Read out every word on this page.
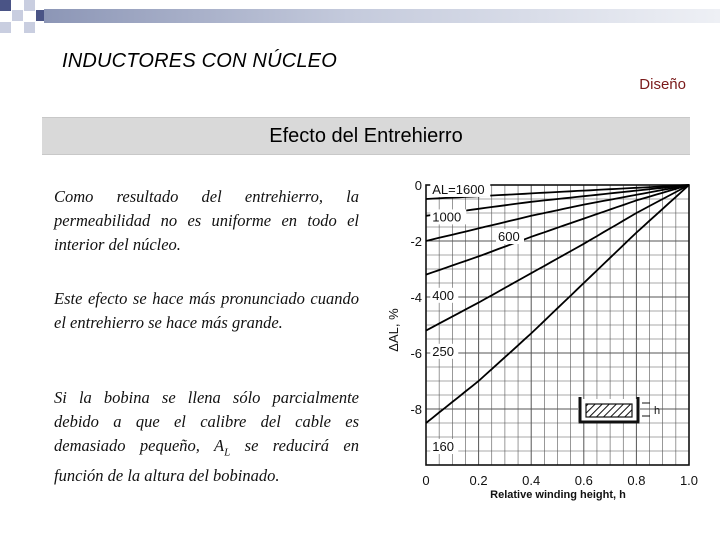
INDUCTORES CON NÚCLEO
Diseño
Efecto del Entrehierro
Como resultado del entrehierro, la permeabilidad no es uniforme en todo el interior del núcleo.
Este efecto se hace más pronunciado cuando el entrehierro se hace más grande.
Si la bobina se llena sólo parcialmente debido a que el calibre del cable es demasiado pequeño, $A_L$ se reducirá en función de la altura del bobinado.	0	0.2	0.4	0.6	0.8	1.0
0
-2
-4
-6
-8
AL=1600
1000
600
400
250
160
Relative winding height, h
ΔAL, %
h
